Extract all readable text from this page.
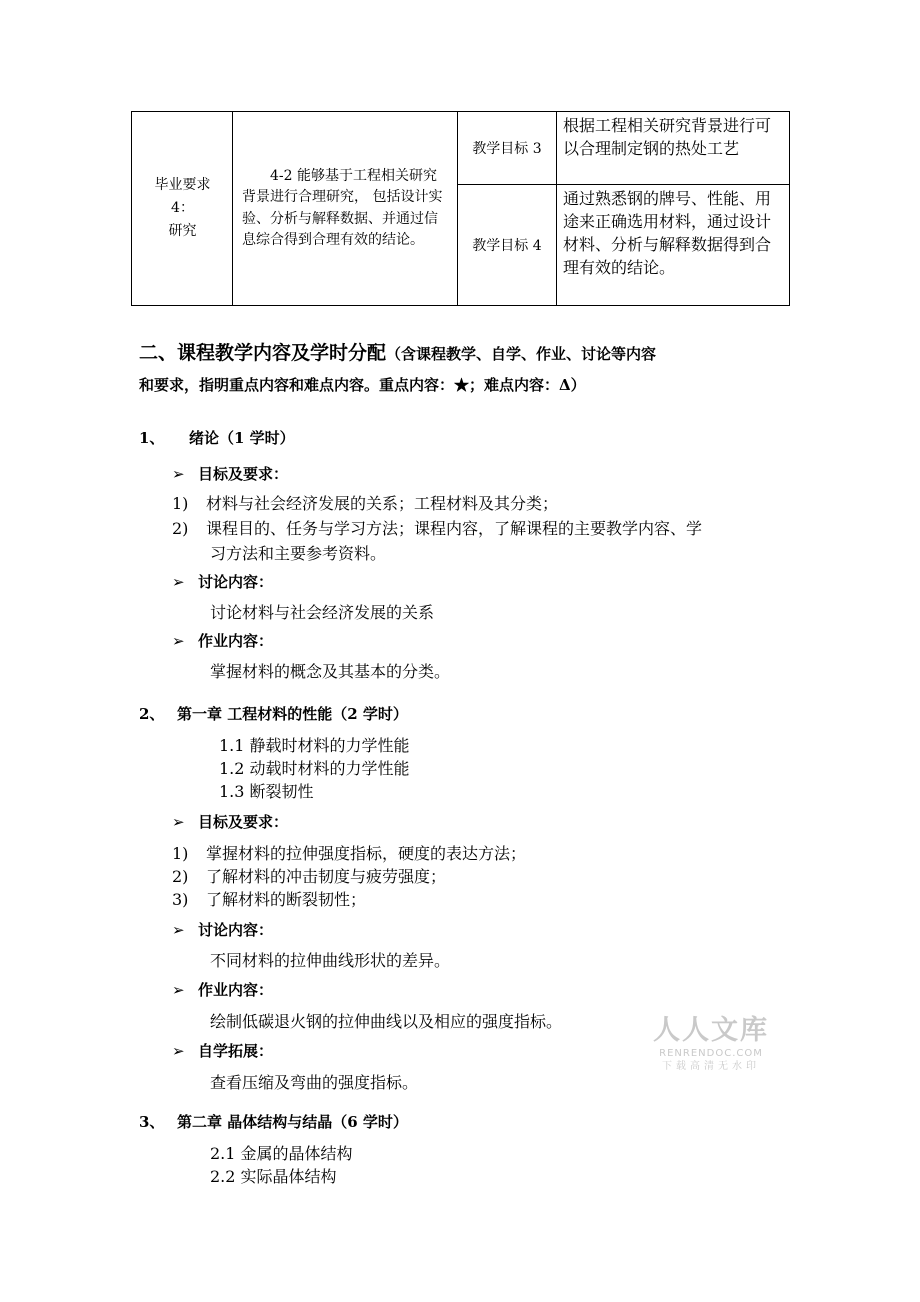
毕业要求
4：
研究

4-2 能够基于工程相关研究背景进行合理研究， 包括设计实验、分析与解释数据、并通过信息综合得到合理有效的结论。

教学目标 3

根据工程相关研究背景进行可以合理制定钢的热处工艺

教学目标 4

通过熟悉钢的牌号、性能、用途来正确选用材料，通过设计材料、分析与解释数据得到合理有效的结论。

二、课程教学内容及学时分配（含课程教学、自学、作业、讨论等内容
和要求，指明重点内容和难点内容。重点内容：★；难点内容：Δ）
1、 绪论（1 学时）
➢ 目标及要求：
1) 材料与社会经济发展的关系；工程材料及其分类；
2) 课程目的、任务与学习方法；课程内容，了解课程的主要教学内容、学
习方法和主要参考资料。
➢ 讨论内容：
讨论材料与社会经济发展的关系
➢ 作业内容：
掌握材料的概念及其基本的分类。
2、 第一章 工程材料的性能（2 学时）
1.1 静载时材料的力学性能
1.2 动载时材料的力学性能
1.3 断裂韧性
➢ 目标及要求：
1) 掌握材料的拉伸强度指标，硬度的表达方法；
2) 了解材料的冲击韧度与疲劳强度；
3) 了解材料的断裂韧性；
➢ 讨论内容：
不同材料的拉伸曲线形状的差异。
➢ 作业内容：
绘制低碳退火钢的拉伸曲线以及相应的强度指标。
➢ 自学拓展：
查看压缩及弯曲的强度指标。
3、 第二章 晶体结构与结晶（6 学时）
2.1 金属的晶体结构
2.2 实际晶体结构
人人文库
RENRENDOC.COM
下载高清无水印
